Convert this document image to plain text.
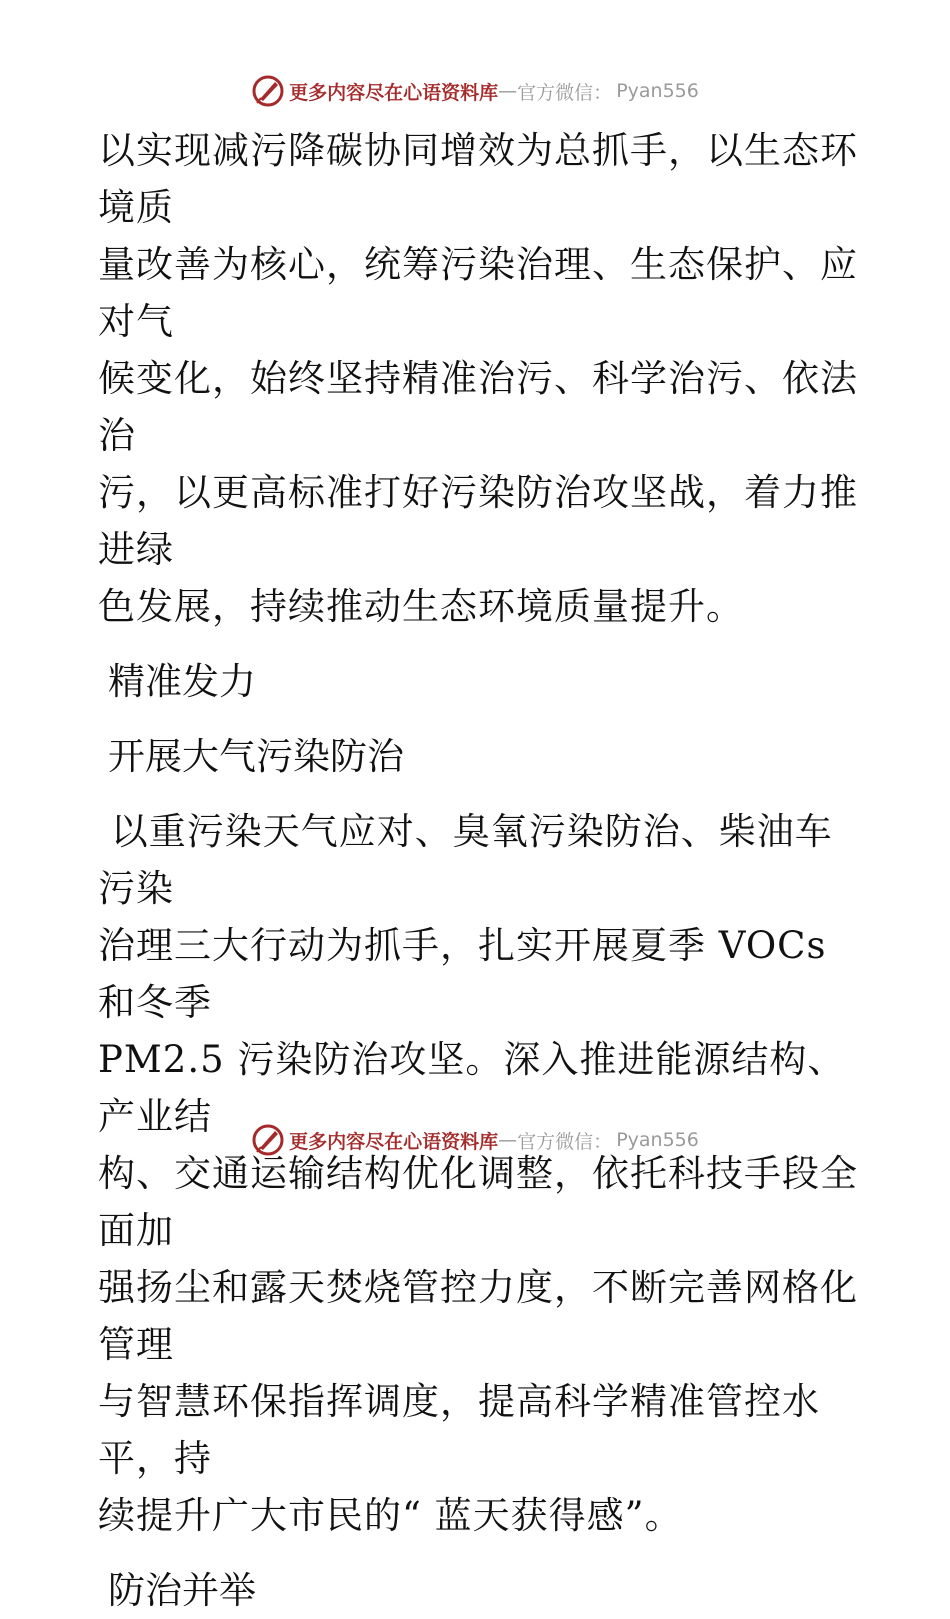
更多内容尽在心语资料库 — 官方微信： Pyan556

以实现减污降碳协同增效为总抓手，以生态环境质

量改善为核心，统筹污染治理、生态保护、应对气

候变化，始终坚持精准治污、科学治污、依法治

污，以更高标准打好污染防治攻坚战，着力推进绿

色发展，持续推动生态环境质量提升。

精准发力

开展大气污染防治

以重污染天气应对、臭氧污染防治、柴油车污染

治理三大行动为抓手，扎实开展夏季 VOCs 和冬季

PM2.5 污染防治攻坚。深入推进能源结构、产业结

构、交通运输结构优化调整，依托科技手段全面加

强扬尘和露天焚烧管控力度，不断完善网格化管理

与智慧环保指挥调度，提高科学精准管控水平，持

续提升广大市民的“ 蓝天获得感”。

防治并举

更多内容尽在心语资料库 — 官方微信： Pyan556
